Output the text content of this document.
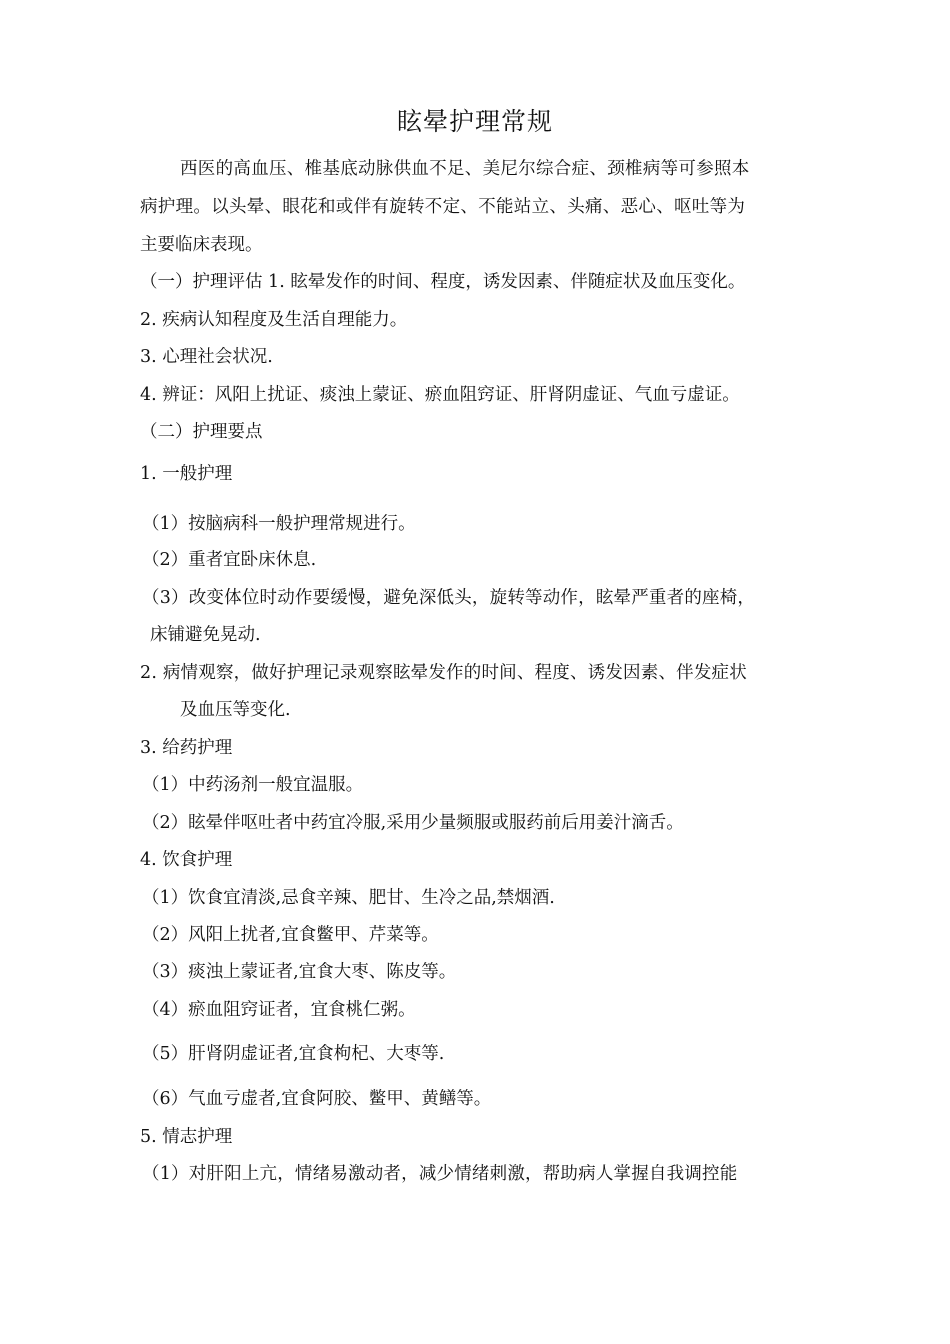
眩晕护理常规
西医的高血压、椎基底动脉供血不足、美尼尔综合症、颈椎病等可参照本
病护理。以头晕、眼花和或伴有旋转不定、不能站立、头痛、恶心、呕吐等为
主要临床表现。
（一）护理评估 1. 眩晕发作的时间、程度，诱发因素、伴随症状及血压变化。
2. 疾病认知程度及生活自理能力。
3. 心理社会状况.
4. 辨证：风阳上扰证、痰浊上蒙证、瘀血阻窍证、肝肾阴虚证、气血亏虚证。
（二）护理要点
1. 一般护理
（1）按脑病科一般护理常规进行。
（2）重者宜卧床休息.
（3）改变体位时动作要缓慢，避免深低头，旋转等动作，眩晕严重者的座椅，
床铺避免晃动.
2. 病情观察，做好护理记录观察眩晕发作的时间、程度、诱发因素、伴发症状
及血压等变化.
3. 给药护理
（1）中药汤剂一般宜温服。
（2）眩晕伴呕吐者中药宜冷服,采用少量频服或服药前后用姜汁滴舌。
4. 饮食护理
（1）饮食宜清淡,忌食辛辣、肥甘、生冷之品,禁烟酒.
（2）风阳上扰者,宜食鳖甲、芹菜等。
（3）痰浊上蒙证者,宜食大枣、陈皮等。
（4）瘀血阻窍证者，宜食桃仁粥。
（5）肝肾阴虚证者,宜食枸杞、大枣等.
（6）气血亏虚者,宜食阿胶、鳖甲、黄鳝等。
5. 情志护理
（1）对肝阳上亢，情绪易激动者，减少情绪刺激，帮助病人掌握自我调控能
